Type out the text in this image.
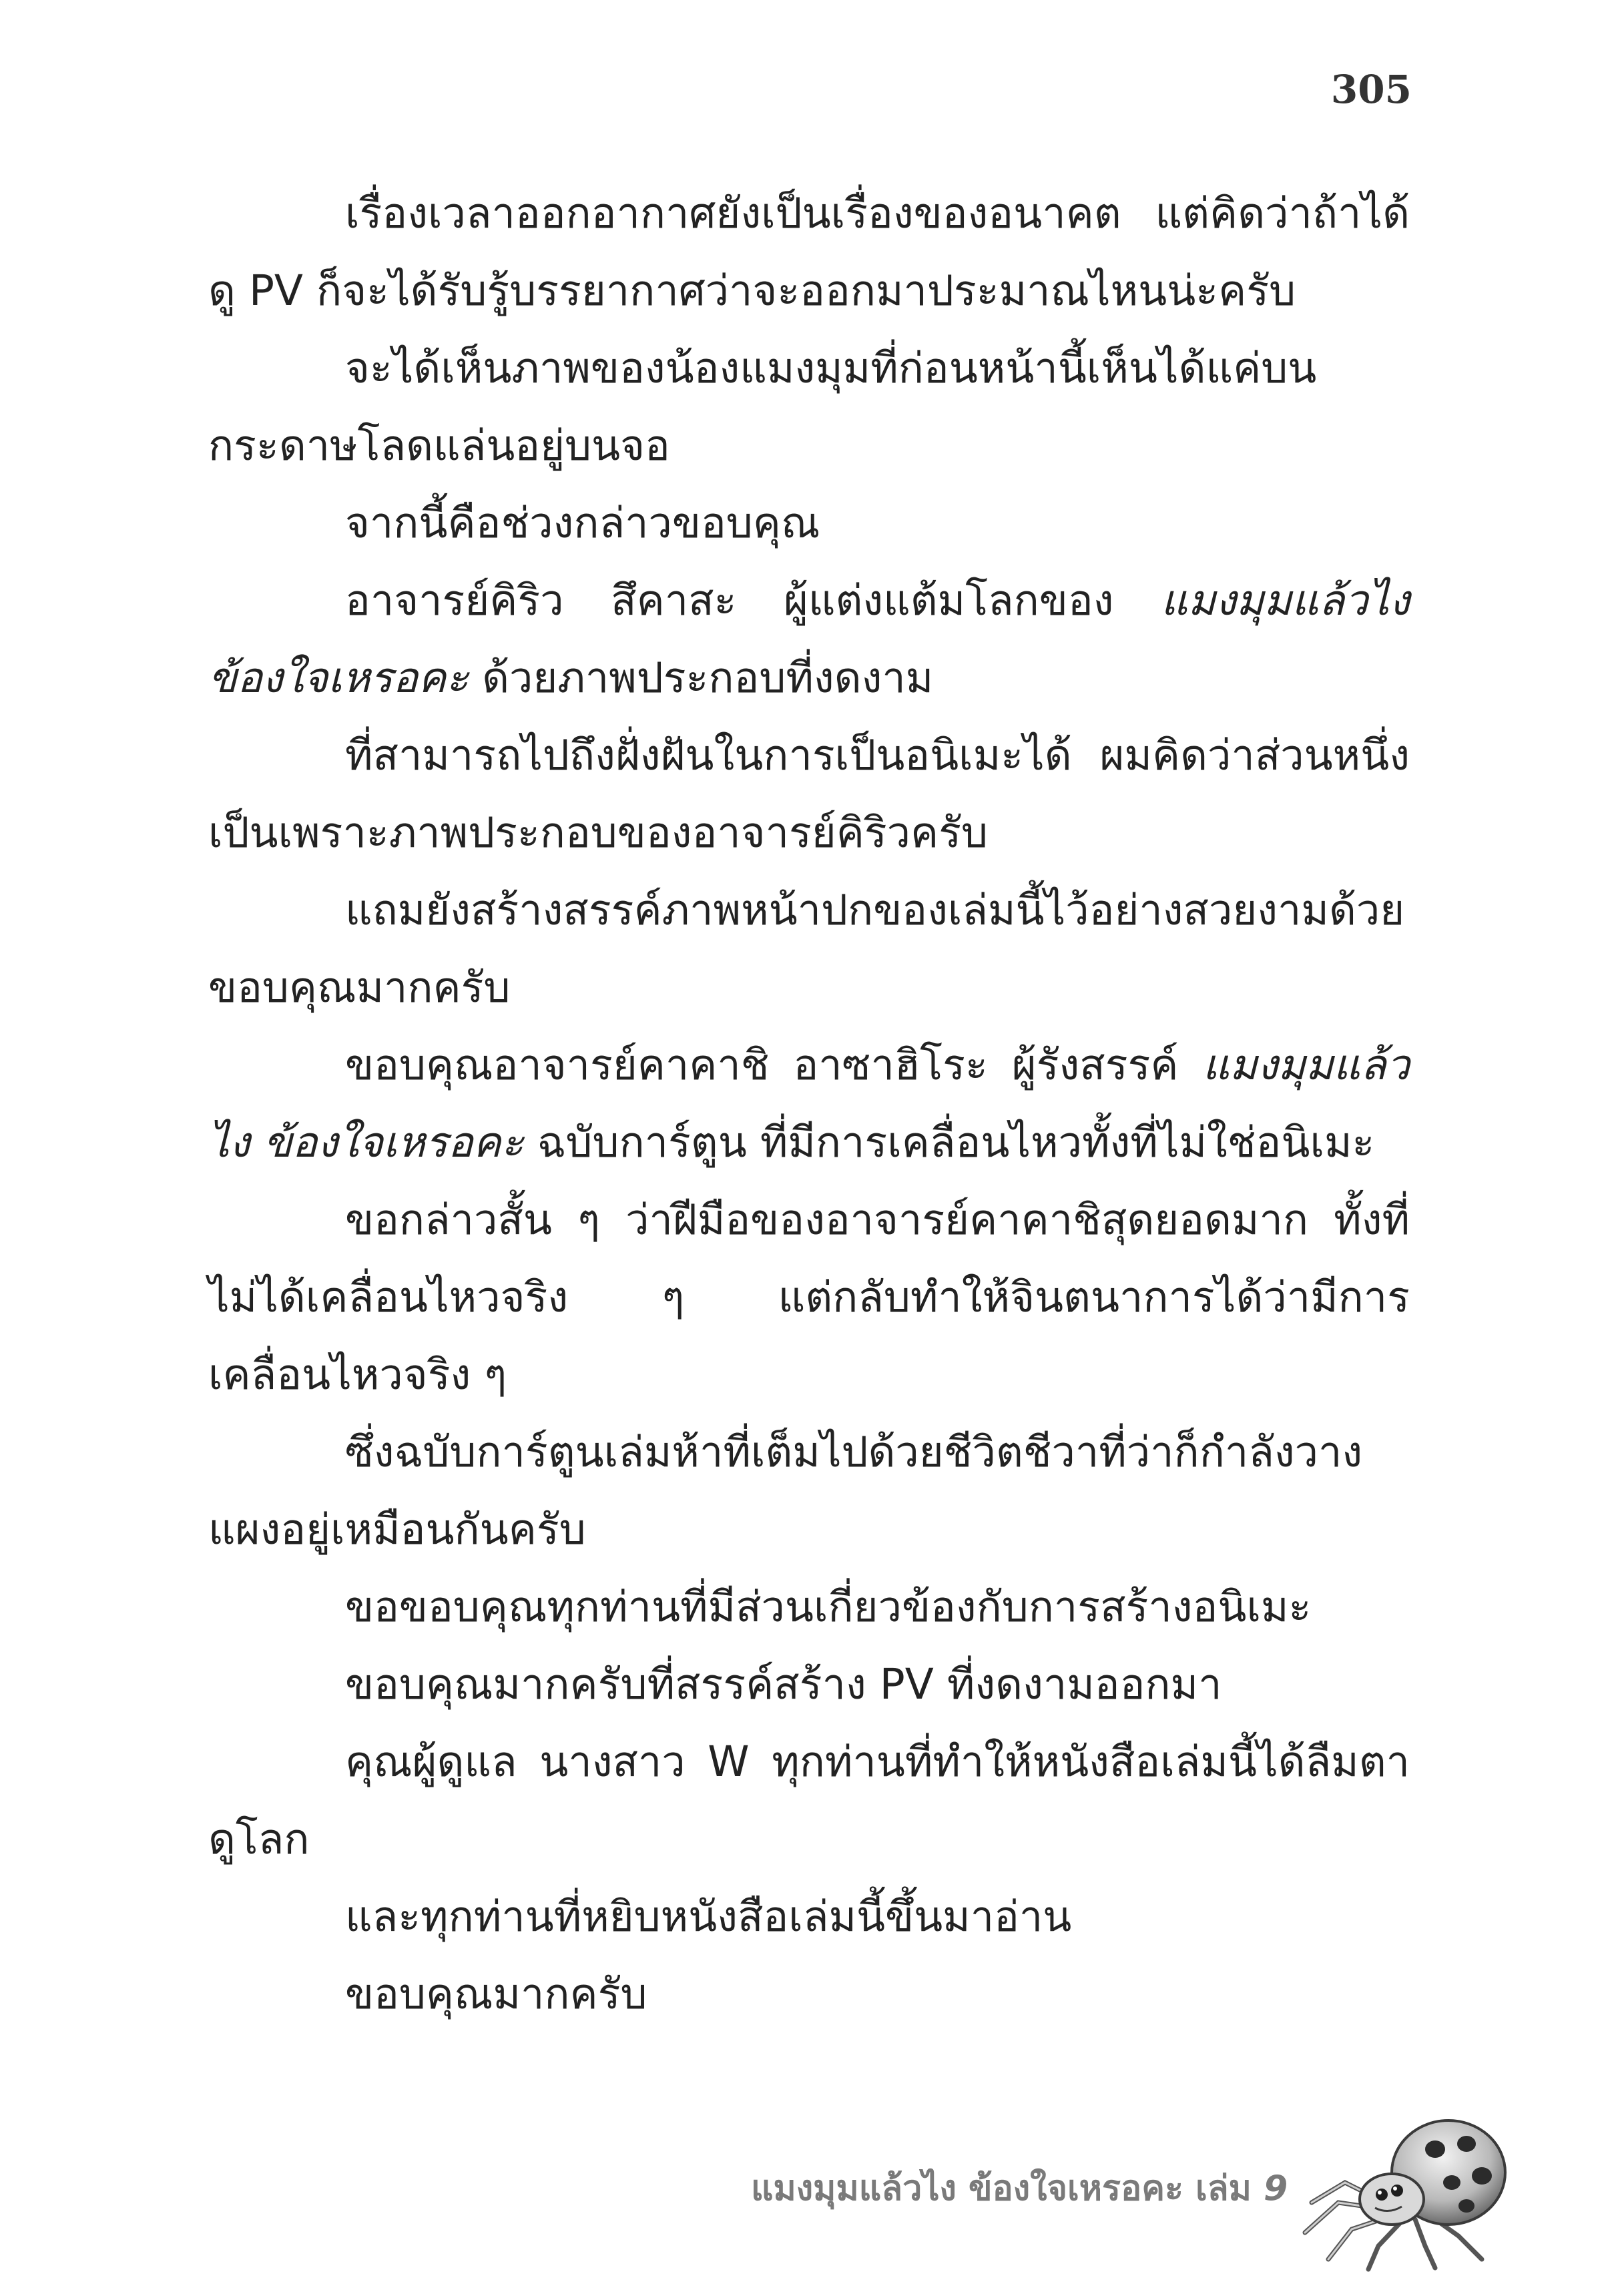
305
เรื่องเวลาออกอากาศยังเป็นเรื่องของอนาคต แต่คิดว่าถ้าได้ดู PV ก็จะได้รับรู้บรรยากาศว่าจะออกมาประมาณไหนน่ะครับ
จะได้เห็นภาพของน้องแมงมุมที่ก่อนหน้านี้เห็นได้แค่บนกระดาษโลดแล่นอยู่บนจอ
จากนี้คือช่วงกล่าวขอบคุณ
อาจารย์คิริว สึคาสะ ผู้แต่งแต้มโลกของ แมงมุมแล้วไง ข้องใจเหรอคะ ด้วยภาพประกอบที่งดงาม
ที่สามารถไปถึงฝั่งฝันในการเป็นอนิเมะได้ ผมคิดว่าส่วนหนึ่งเป็นเพราะภาพประกอบของอาจารย์คิริวครับ
แถมยังสร้างสรรค์ภาพหน้าปกของเล่มนี้ไว้อย่างสวยงามด้วย ขอบคุณมากครับ
ขอบคุณอาจารย์คาคาชิ อาซาฮิโระ ผู้รังสรรค์ แมงมุมแล้วไง ข้องใจเหรอคะ ฉบับการ์ตูน ที่มีการเคลื่อนไหวทั้งที่ไม่ใช่อนิเมะ
ขอกล่าวสั้น ๆ ว่าฝีมือของอาจารย์คาคาชิสุดยอดมาก ทั้งที่ไม่ได้เคลื่อนไหวจริง ๆ แต่กลับทำให้จินตนาการได้ว่ามีการเคลื่อนไหวจริง ๆ
ซึ่งฉบับการ์ตูนเล่มห้าที่เต็มไปด้วยชีวิตชีวาที่ว่าก็กำลังวางแผงอยู่เหมือนกันครับ
ขอขอบคุณทุกท่านที่มีส่วนเกี่ยวข้องกับการสร้างอนิเมะ
ขอบคุณมากครับที่สรรค์สร้าง PV ที่งดงามออกมา
คุณผู้ดูแล นางสาว W ทุกท่านที่ทำให้หนังสือเล่มนี้ได้ลืมตาดูโลก
และทุกท่านที่หยิบหนังสือเล่มนี้ขึ้นมาอ่าน
ขอบคุณมากครับ
แมงมุมแล้วไง ข้องใจเหรอคะ เล่ม 9
